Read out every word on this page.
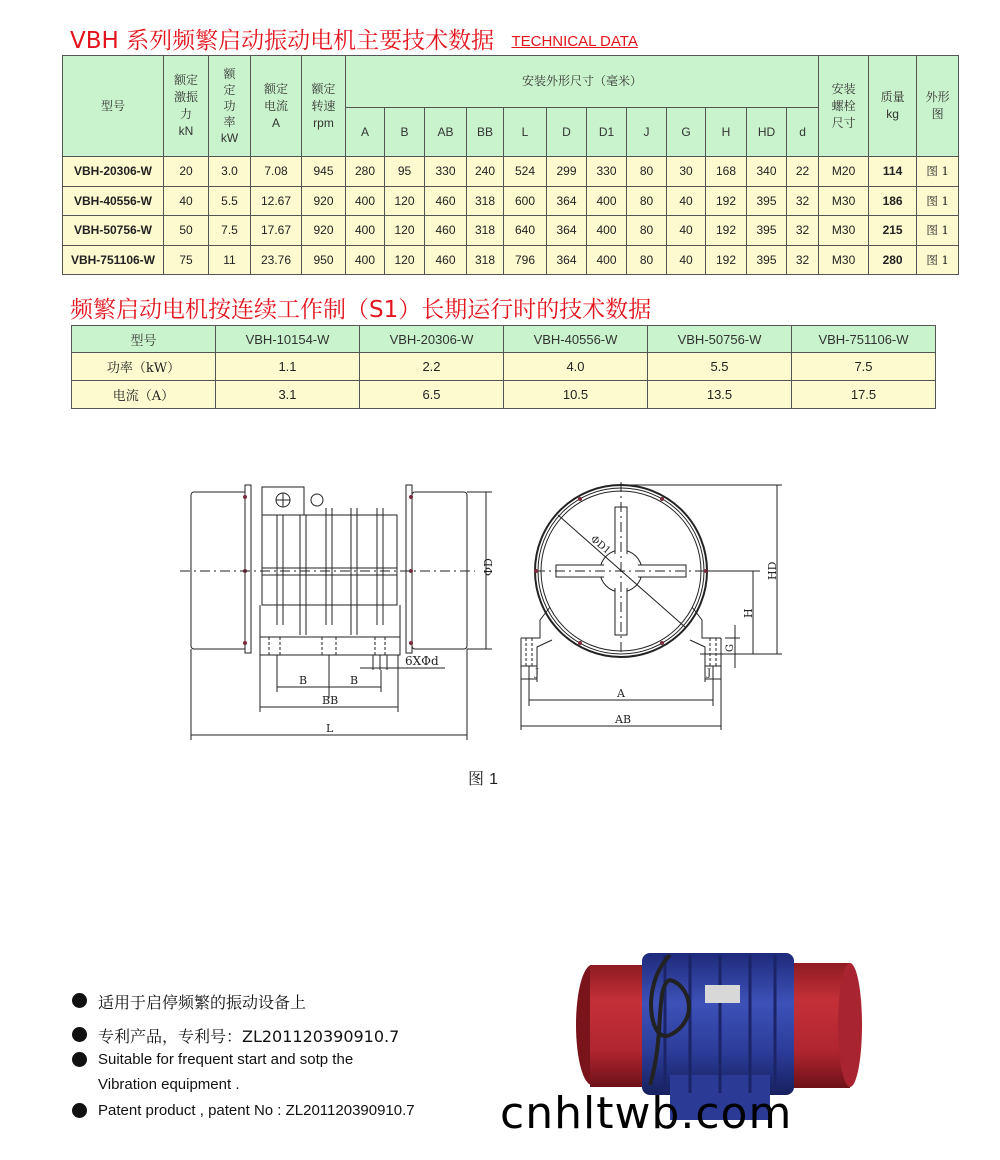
VBH 系列频繁启动振动电机主要技术数据 TECHNICAL DATA
型号	
额定
激振
力
kN

额
定
功
率
kW

额定
电流
A

额定
转速
rpm
	安装外形尺寸（毫米）	
安装
螺栓
尺寸

质量
kg

外形
图

					A	B	AB	BB	L	D	D1	J	G	H	HD	d			
VBH-20306-W	20	3.0	7.08	945	280	95	330	240	524	299	330	80	30	168	340	22	M20	114	图 1
VBH-40556-W	40	5.5	12.67	920	400	120	460	318	600	364	400	80	40	192	395	32	M30	186	图 1
VBH-50756-W	50	7.5	17.67	920	400	120	460	318	640	364	400	80	40	192	395	32	M30	215	图 1
VBH-751106-W	75	11	23.76	950	400	120	460	318	796	364	400	80	40	192	395	32	M30	280	图 1
频繁启动电机按连续工作制（S1）长期运行时的技术数据
型号	VBH-10154-W	VBH-20306-W	VBH-40556-W	VBH-50756-W	VBH-751106-W
功率（kW）	1.1	2.2	4.0	5.5	7.5
电流（A）	3.1	6.5	10.5	13.5	17.5
ΦD
6XΦd
B	B
BB
L
ΦD1
HD
H
G
J	J
A
AB
图 1
适用于启停频繁的振动设备上
专利产品，专利号：ZL201120390910.7
Suitable for frequent start and sotp the
Vibration equipment .
Patent product , patent No : ZL201120390910.7 cnhltwb.com
